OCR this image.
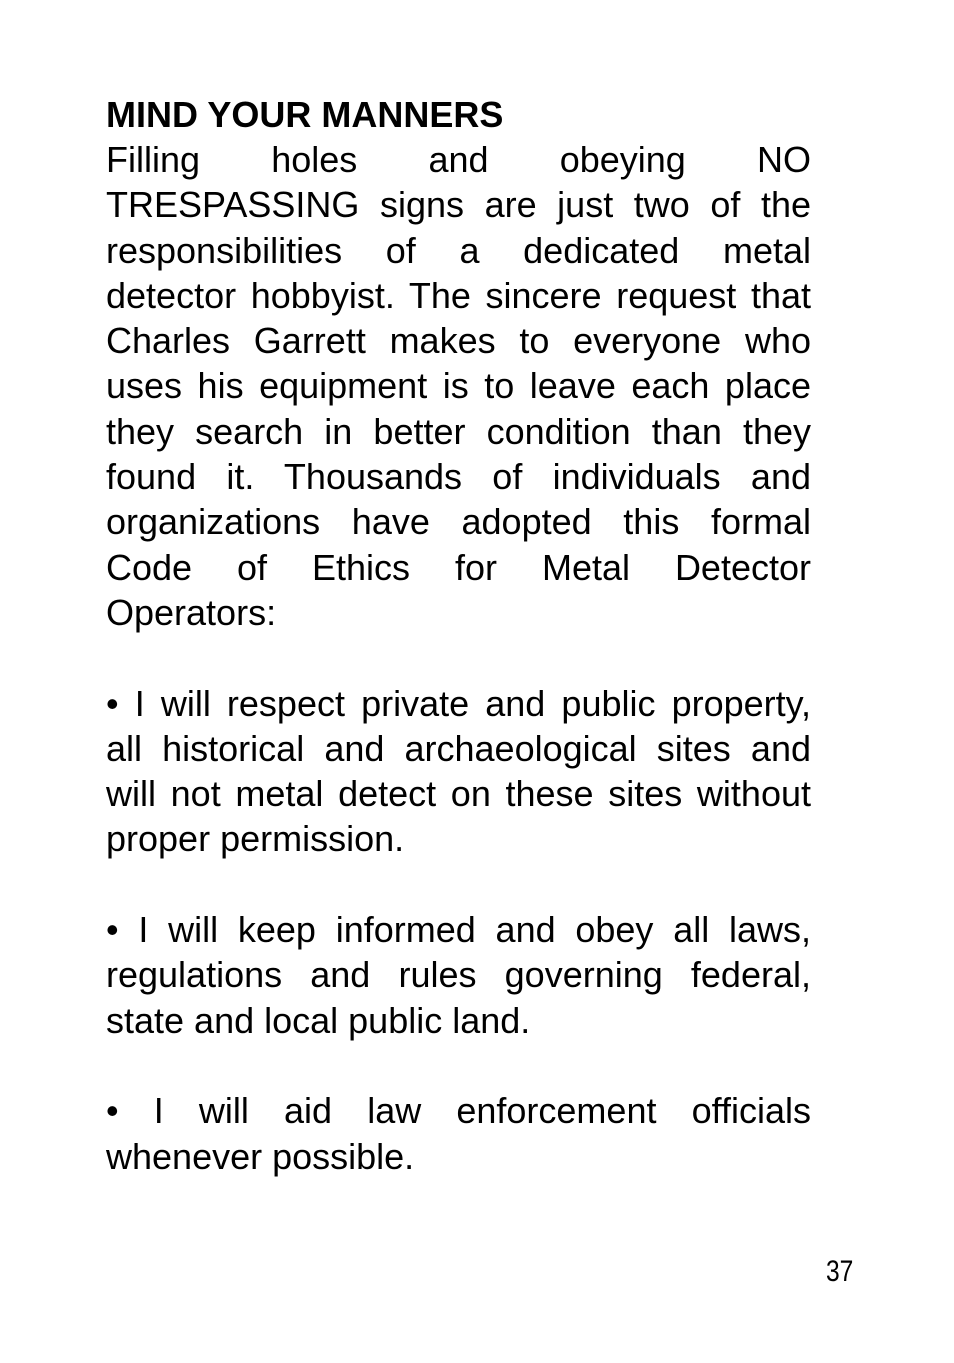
MIND YOUR MANNERS

Filling holes and obeying NO TRESPASSING signs are just two of the responsibilities of a dedicated metal detector hobbyist. The sincere request that Charles Garrett makes to everyone who uses his equipment is to leave each place they search in better condition than they found it. Thousands of individuals and organizations have adopted this formal Code of Ethics for Metal Detector Operators:

• I will respect private and public property, all historical and archaeological sites and will not metal detect on these sites without proper permission.

• I will keep informed and obey all laws, regulations and rules governing federal, state and local public land.

• I will aid law enforcement officials whenever possible.

37
